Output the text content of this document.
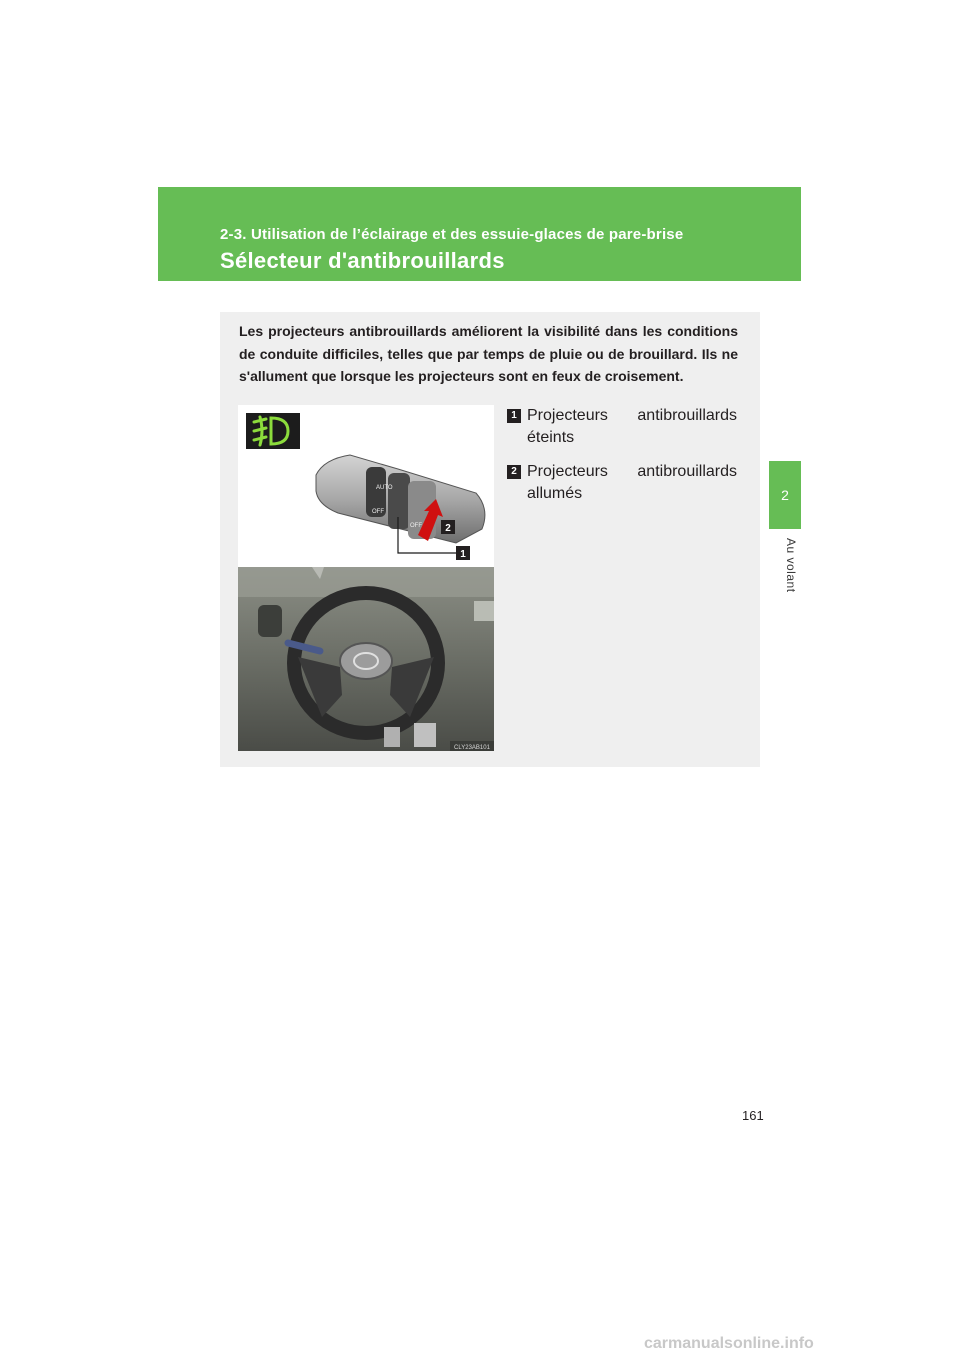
2-3. Utilisation de l’éclairage et des essuie-glaces de pare-brise
Sélecteur d'antibrouillards
2
Au volant

Les projecteurs antibrouillards améliorent la visibilité dans les conditions de conduite difficiles, telles que par temps de pluie ou de brouillard. Ils ne s'allument que lorsque les projecteurs sont en feux de croisement.

AUTO
OFF
OFF 2
1
CLY23AB101
1 Projecteurs antibrouillards
éteints
2 Projecteurs antibrouillards
allumés
161
carmanualsonline.info
